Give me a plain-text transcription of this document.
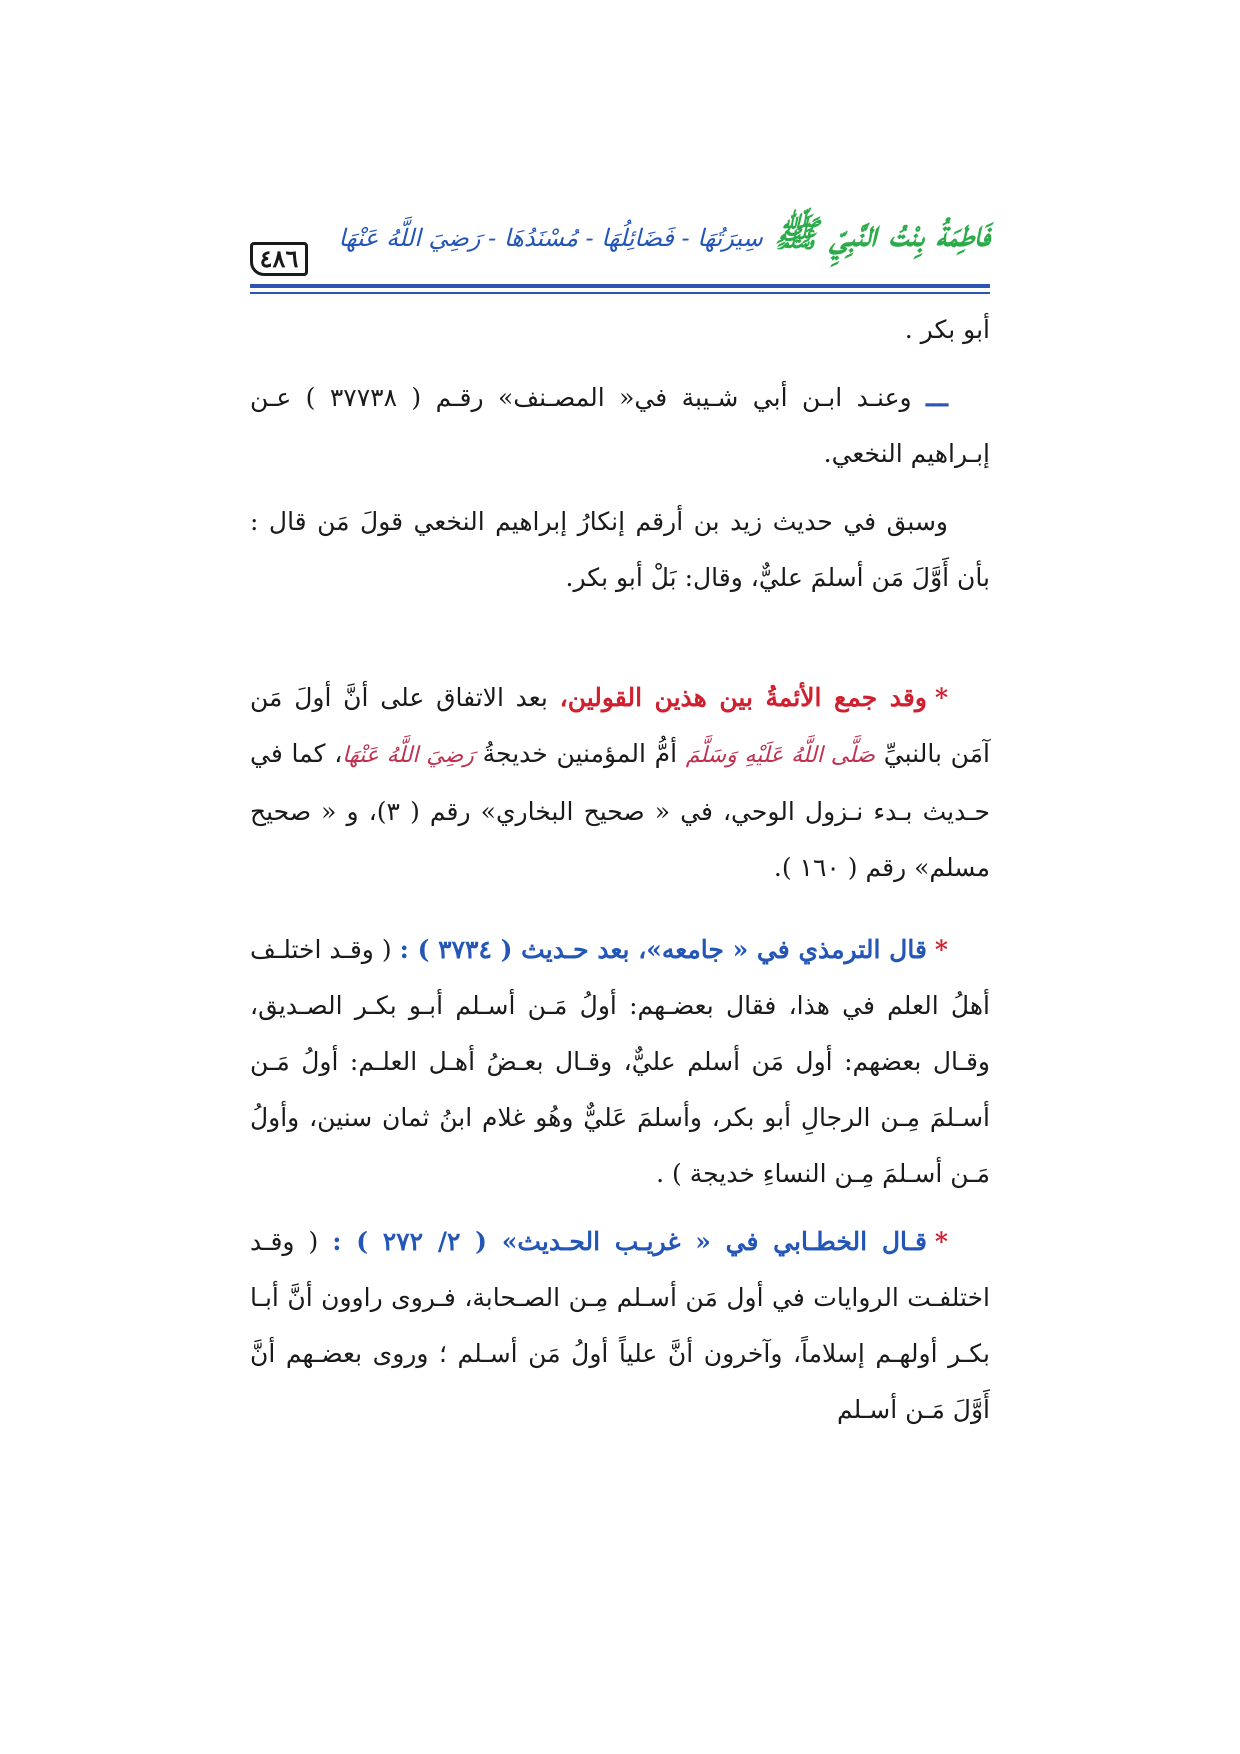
٤٨٦
فَاطِمَةُ بِنْتُ النَّبِيِّ ﷺ سِيرَتُهَا - فَضَائِلُهَا - مُسْنَدُهَا - رَضِيَ اللَّهُ عَنْهَا

أبو بكر .

ـــ وعنـد ابـن أبي شـيبة في« المصـنف» رقـم ( ٣٧٧٣٨ ) عـن إبـراهيم النخعي.

وسبق في حديث زيد بن أرقم إنكارُ إبراهيم النخعي قولَ مَن قال : بأن أَوَّلَ مَن أسلمَ عليٌّ، وقال: بَلْ أبو بكر.

*وقد جمع الأئمةُ بين هذين القولين، بعد الاتفاق على أنَّ أولَ مَن آمَن بالنبيِّ صَلَّى اللَّهُ عَلَيْهِ وَسَلَّمَ أمُّ المؤمنين خديجةُ رَضِيَ اللَّهُ عَنْهَا، كما في حـديث بـدء نـزول الوحي، في « صحيح البخاري» رقم ( ٣)، و « صحيح مسلم» رقم ( ١٦٠ ).

*قال الترمذي في « جامعه»، بعد حـديث ( ٣٧٣٤ ) : ( وقـد اختلـف أهلُ العلم في هذا، فقال بعضـهم: أولُ مَـن أسـلم أبـو بكـر الصـديق، وقـال بعضهم: أول مَن أسلم عليٌّ، وقـال بعـضُ أهـل العلـم: أولُ مَـن أسـلمَ مِـن الرجالِ أبو بكر، وأسلمَ عَليٌّ وهُو غلام ابنُ ثمان سنين، وأولُ مَـن أسـلمَ مِـن النساءِ خديجة ) .

*قـال الخطـابي في « غريـب الحـديث» ( ٢/ ٢٧٢ ) : ( وقـد اختلفـت الروايات في أول مَن أسـلم مِـن الصـحابة، فـروى راوون أنَّ أبـا بكـر أولهـم إسلاماً، وآخرون أنَّ علياً أولُ مَن أسـلم ؛ وروى بعضـهم أنَّ أَوَّلَ مَـن أسـلم
